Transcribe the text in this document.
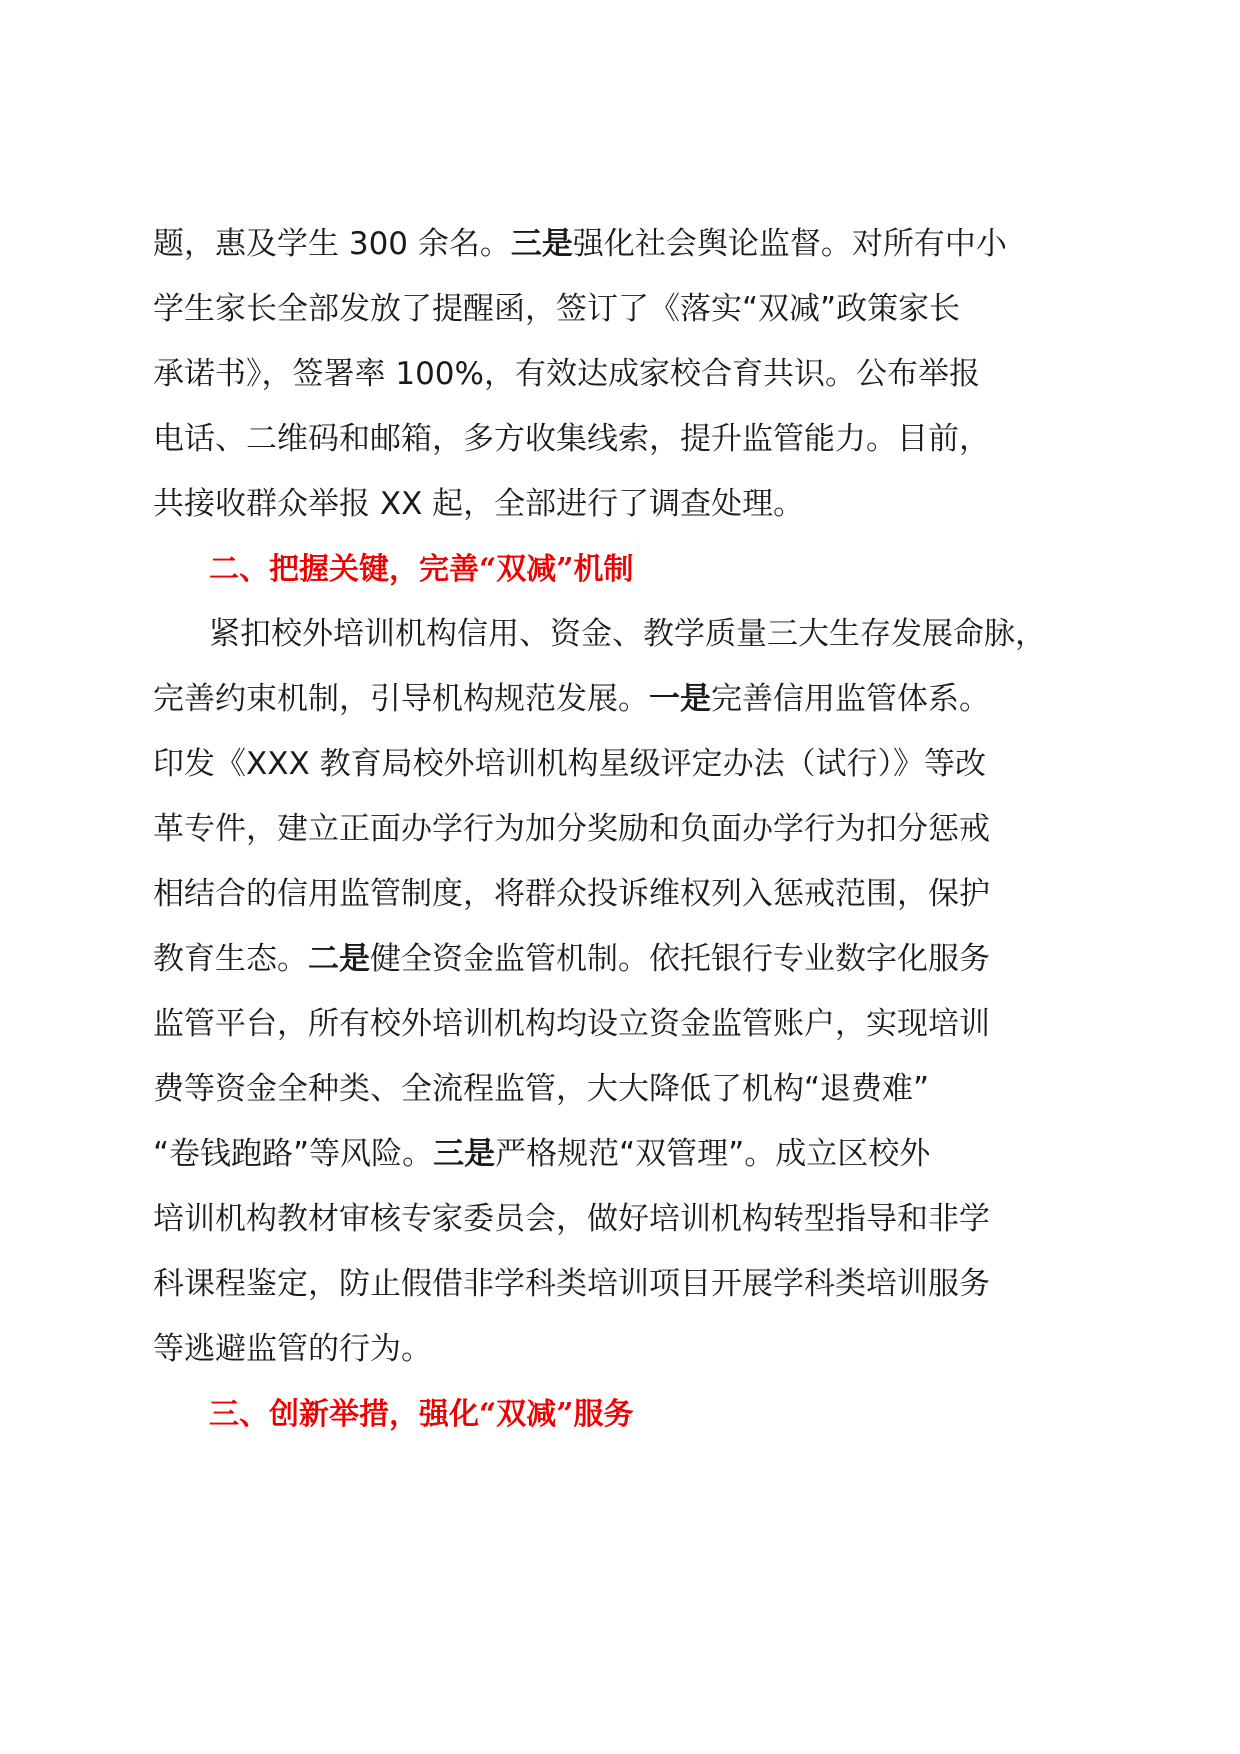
题，惠及学生 300 余名。三是强化社会舆论监督。对所有中小
学生家长全部发放了提醒函，签订了《落实“双减”政策家长
承诺书》，签署率 100%，有效达成家校合育共识。公布举报
电话、二维码和邮箱，多方收集线索，提升监管能力。目前，
共接收群众举报 XX 起，全部进行了调查处理。
二、把握关键，完善“双减”机制
紧扣校外培训机构信用、资金、教学质量三大生存发展命脉，
完善约束机制，引导机构规范发展。一是完善信用监管体系。
印发《XXX 教育局校外培训机构星级评定办法（试行）》等改
革专件，建立正面办学行为加分奖励和负面办学行为扣分惩戒
相结合的信用监管制度，将群众投诉维权列入惩戒范围，保护
教育生态。二是健全资金监管机制。依托银行专业数字化服务
监管平台，所有校外培训机构均设立资金监管账户，实现培训
费等资金全种类、全流程监管，大大降低了机构“退费难”
“卷钱跑路”等风险。三是严格规范“双管理”。成立区校外
培训机构教材审核专家委员会，做好培训机构转型指导和非学
科课程鉴定，防止假借非学科类培训项目开展学科类培训服务
等逃避监管的行为。
三、创新举措，强化“双减”服务
